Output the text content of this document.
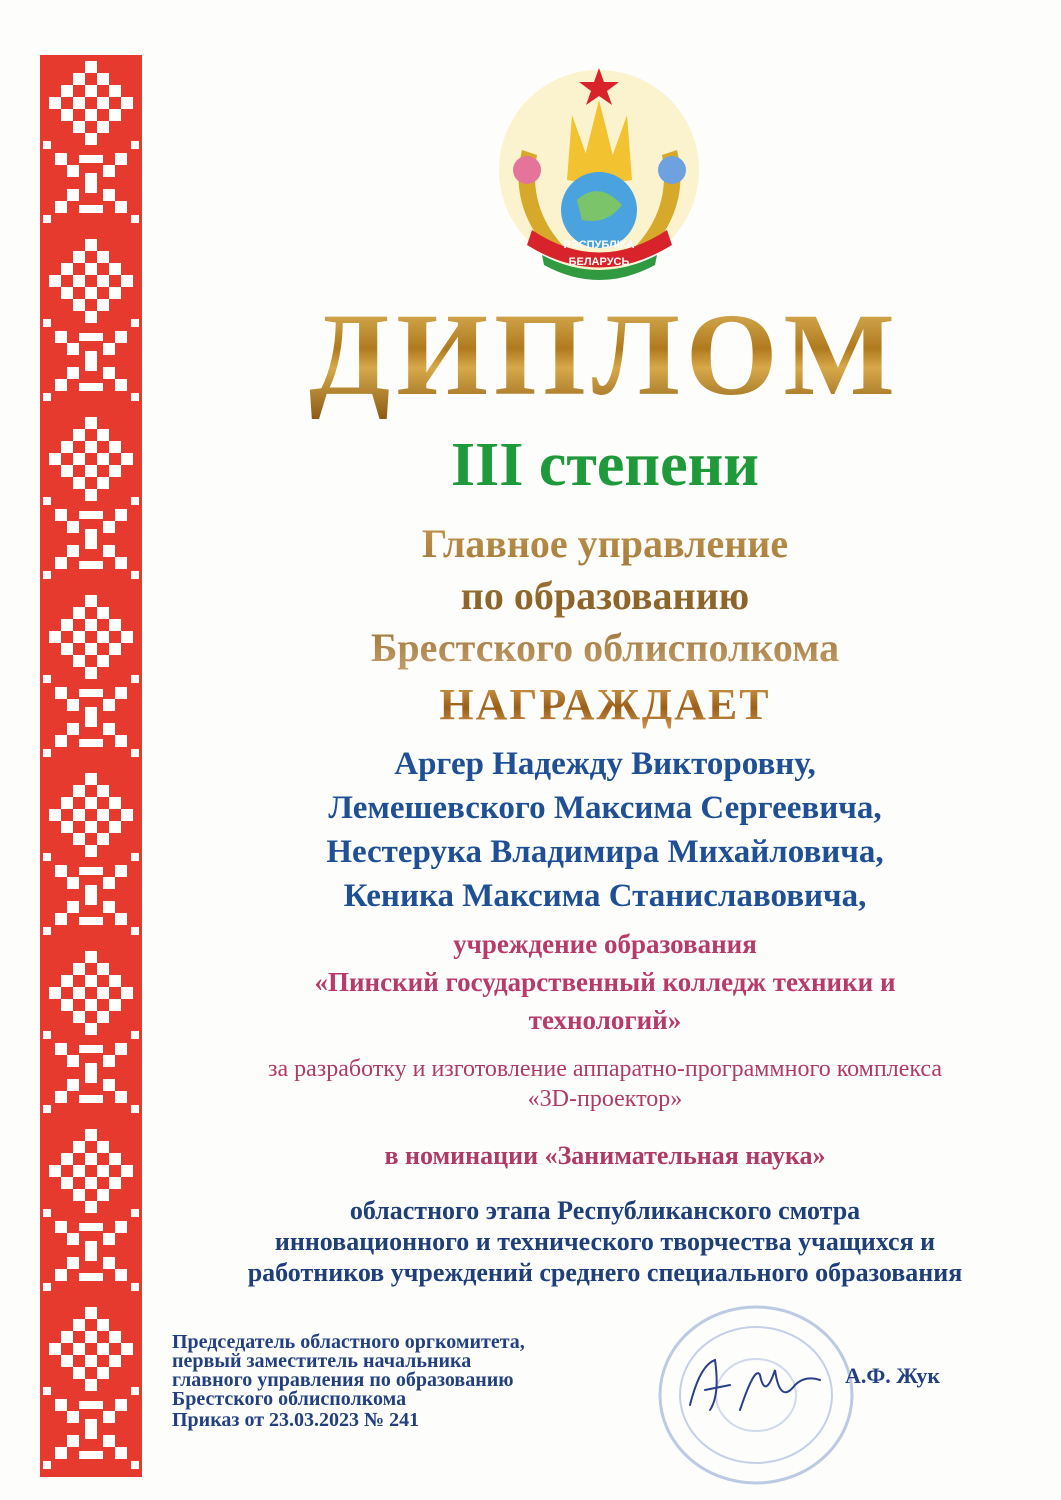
РЭСПУБЛІКА
БЕЛАРУСЬ
ДИПЛОМ
III степени
Главное управление
по образованию
Брестского облисполкома
НАГРАЖДАЕТ
Аргер Надежду Викторовну,
Лемешевского Максима Сергеевича,
Нестерука Владимира Михайловича,
Кеника Максима Станиславовича,
учреждение образования
«Пинский государственный колледж техники и
технологий»
за разработку и изготовление аппаратно-программного комплекса
«3D-проектор»
в номинации «Занимательная наука»
областного этапа Республиканского смотра
инновационного и технического творчества учащихся и
работников учреждений среднего специального образования
Председатель областного оргкомитета,
первый заместитель начальника
главного управления по образованию
Брестского облисполкома
Приказ от 23.03.2023 № 241
А.Ф. Жук
